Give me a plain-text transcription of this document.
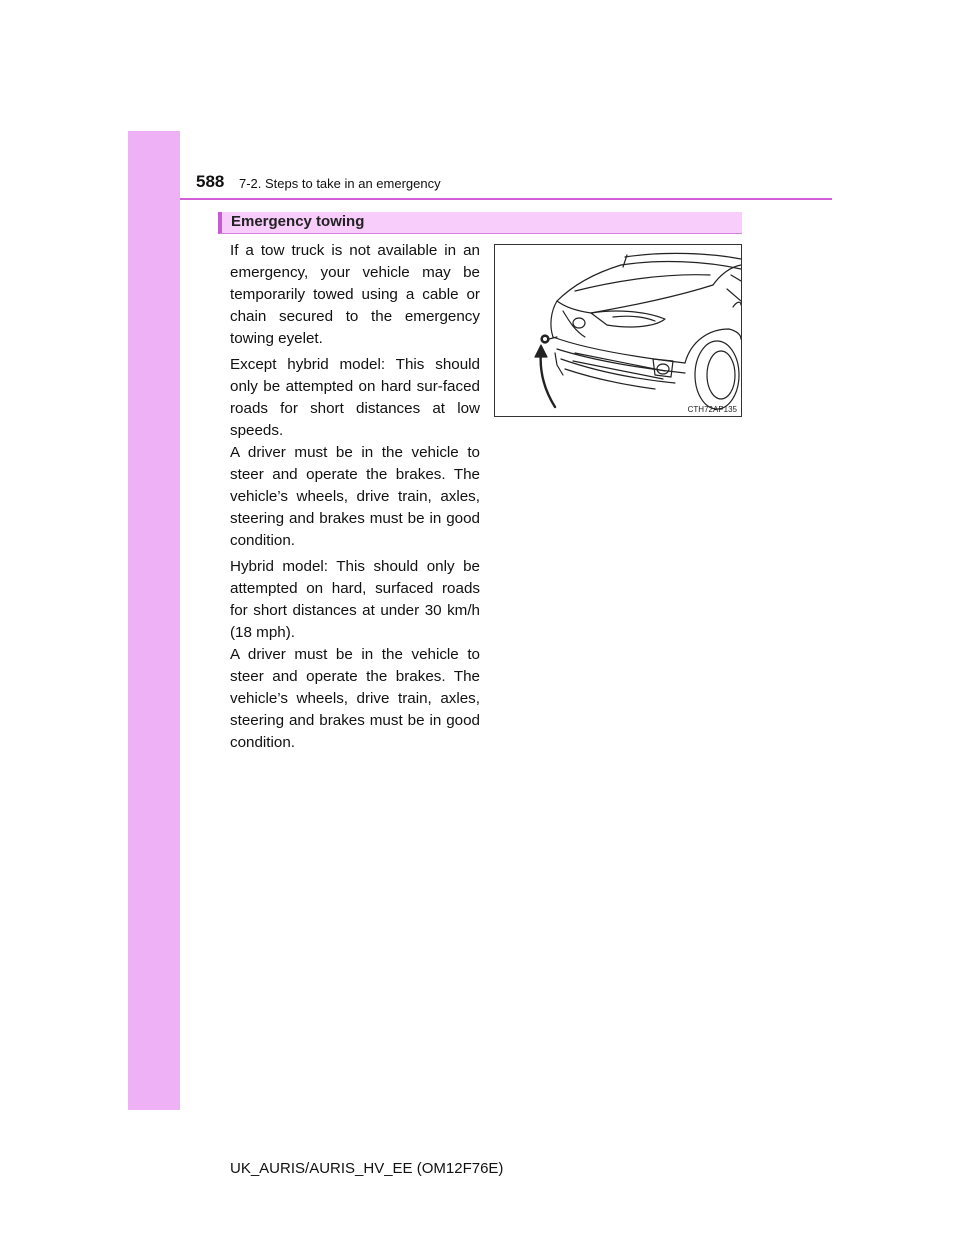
588 7-2. Steps to take in an emergency
Emergency towing

If a tow truck is not available in an emergency, your vehicle may be temporarily towed using a cable or chain secured to the emergency towing eyelet.

Except hybrid model: This should only be attempted on hard sur-faced roads for short distances at low speeds.

A driver must be in the vehicle to steer and operate the brakes. The vehicle’s wheels, drive train, axles, steering and brakes must be in good condition.

Hybrid model: This should only be attempted on hard, surfaced roads for short distances at under 30 km/h (18 mph).

A driver must be in the vehicle to steer and operate the brakes. The vehicle’s wheels, drive train, axles, steering and brakes must be in good condition.

CTH72AP135
UK_AURIS/AURIS_HV_EE (OM12F76E)
